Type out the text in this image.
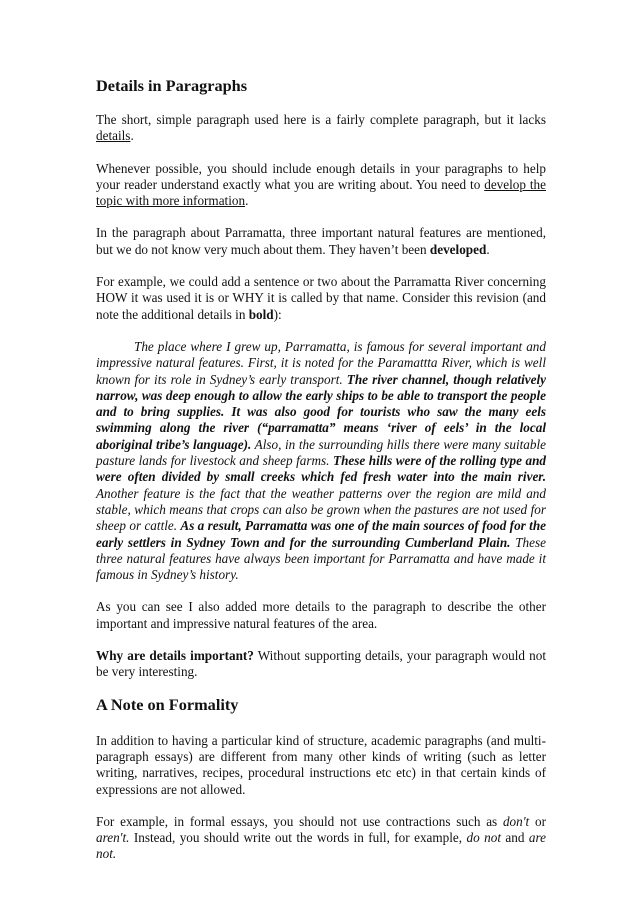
Details in Paragraphs

The short, simple paragraph used here is a fairly complete paragraph, but it lacks details.

Whenever possible, you should include enough details in your paragraphs to help your reader understand exactly what you are writing about. You need to develop the topic with more information.

In the paragraph about Parramatta, three important natural features are mentioned, but we do not know very much about them. They haven’t been developed.

For example, we could add a sentence or two about the Parramatta River concerning HOW it was used it is or WHY it is called by that name. Consider this revision (and note the additional details in bold):

The place where I grew up, Parramatta, is famous for several important and impressive natural features. First, it is noted for the Paramattta River, which is well known for its role in Sydney’s early transport. The river channel, though relatively narrow, was deep enough to allow the early ships to be able to transport the people and to bring supplies. It was also good for tourists who saw the many eels swimming along the river (“parramatta” means ‘river of eels’ in the local aboriginal tribe’s language). Also, in the surrounding hills there were many suitable pasture lands for livestock and sheep farms. These hills were of the rolling type and were often divided by small creeks which fed fresh water into the main river. Another feature is the fact that the weather patterns over the region are mild and stable, which means that crops can also be grown when the pastures are not used for sheep or cattle. As a result, Parramatta was one of the main sources of food for the early settlers in Sydney Town and for the surrounding Cumberland Plain. These three natural features have always been important for Parramatta and have made it famous in Sydney’s history.

As you can see I also added more details to the paragraph to describe the other important and impressive natural features of the area.

Why are details important? Without supporting details, your paragraph would not be very interesting.

A Note on Formality

In addition to having a particular kind of structure, academic paragraphs (and multi-paragraph essays) are different from many other kinds of writing (such as letter writing, narratives, recipes, procedural instructions etc etc) in that certain kinds of expressions are not allowed.

For example, in formal essays, you should not use contractions such as don't or aren't. Instead, you should write out the words in full, for example, do not and are not.
